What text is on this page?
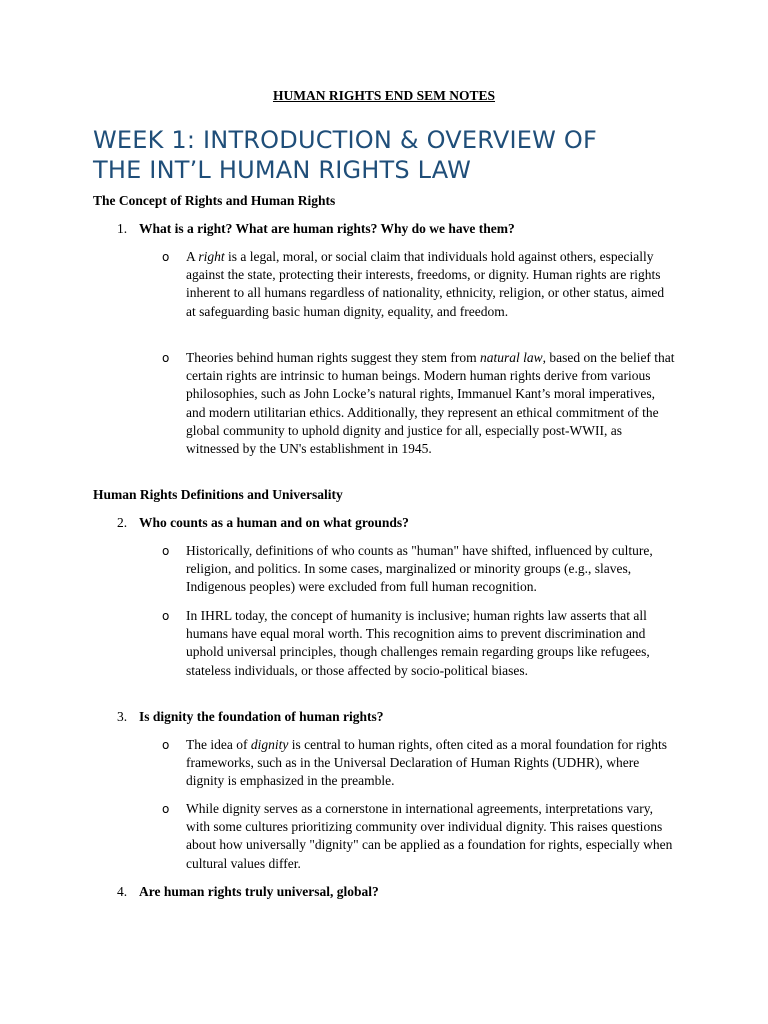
HUMAN RIGHTS END SEM NOTES

WEEK 1: INTRODUCTION & OVERVIEW OF
THE INT’L HUMAN RIGHTS LAW

The Concept of Rights and Human Rights

1. What is a right? What are human rights? Why do we have them?

o A right is a legal, moral, or social claim that individuals hold against others, especially against the state, protecting their interests, freedoms, or dignity. Human rights are rights inherent to all humans regardless of nationality, ethnicity, religion, or other status, aimed at safeguarding basic human dignity, equality, and freedom.
o Theories behind human rights suggest they stem from natural law, based on the belief that certain rights are intrinsic to human beings. Modern human rights derive from various philosophies, such as John Locke’s natural rights, Immanuel Kant’s moral imperatives, and modern utilitarian ethics. Additionally, they represent an ethical commitment of the global community to uphold dignity and justice for all, especially post-WWII, as witnessed by the UN's establishment in 1945.

Human Rights Definitions and Universality

2. Who counts as a human and on what grounds?

o Historically, definitions of who counts as "human" have shifted, influenced by culture, religion, and politics. In some cases, marginalized or minority groups (e.g., slaves, Indigenous peoples) were excluded from full human recognition.
o In IHRL today, the concept of humanity is inclusive; human rights law asserts that all humans have equal moral worth. This recognition aims to prevent discrimination and uphold universal principles, though challenges remain regarding groups like refugees, stateless individuals, or those affected by socio-political biases.

3. Is dignity the foundation of human rights?

o The idea of dignity is central to human rights, often cited as a moral foundation for rights frameworks, such as in the Universal Declaration of Human Rights (UDHR), where dignity is emphasized in the preamble.
o While dignity serves as a cornerstone in international agreements, interpretations vary, with some cultures prioritizing community over individual dignity. This raises questions about how universally "dignity" can be applied as a foundation for rights, especially when cultural values differ.

4. Are human rights truly universal, global?
